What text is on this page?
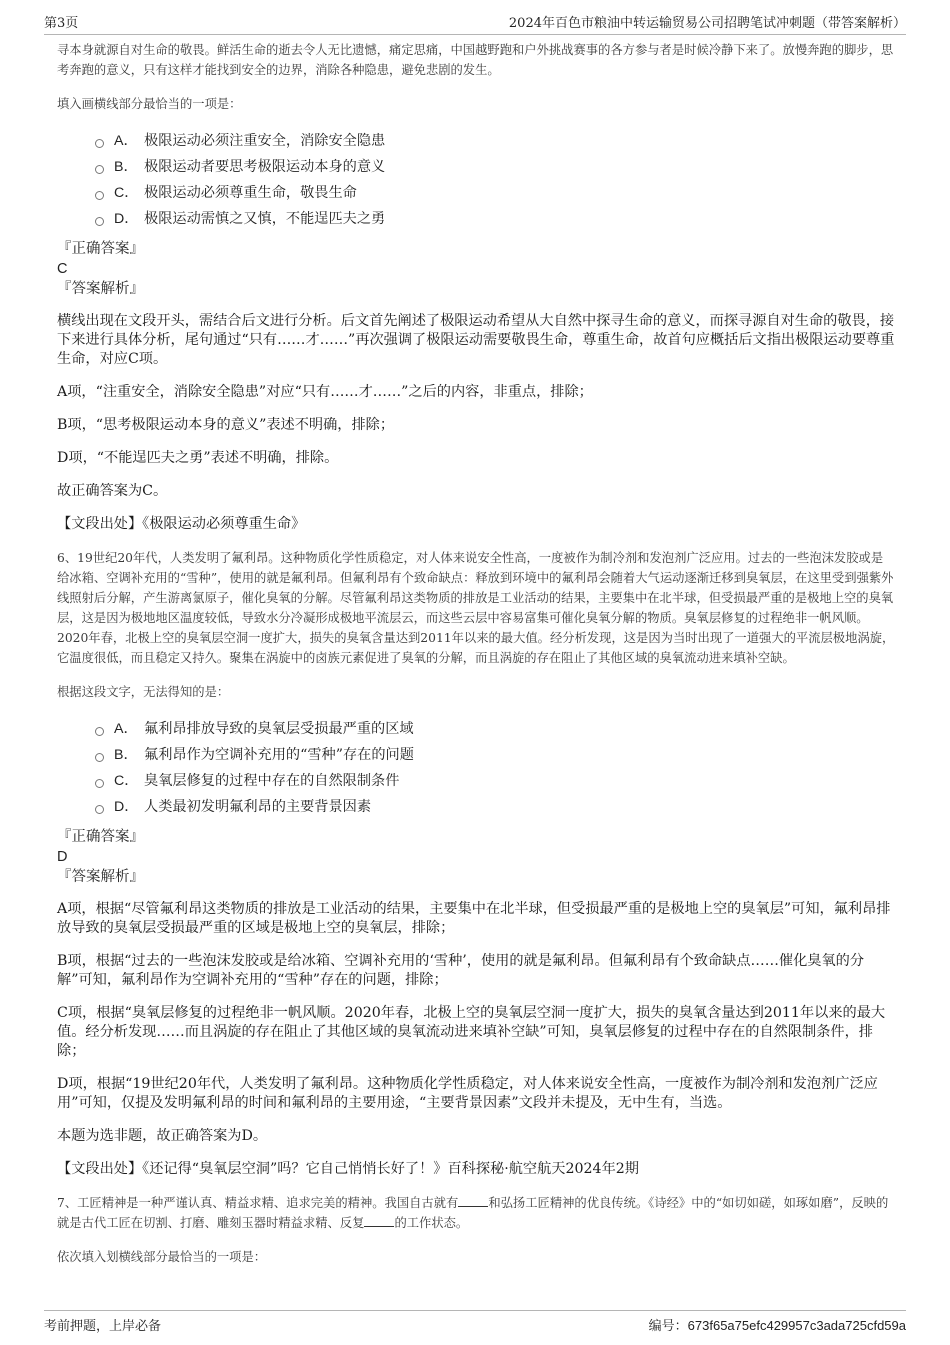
第3页	2024年百色市粮油中转运输贸易公司招聘笔试冲刺题（带答案解析）

寻本身就源自对生命的敬畏。鲜活生命的逝去令人无比遗憾，痛定思痛，中国越野跑和户外挑战赛事的各方参与者是时候冷静下来了。放慢奔跑的脚步，思考奔跑的意义，只有这样才能找到安全的边界，消除各种隐患，避免悲剧的发生。

填入画横线部分最恰当的一项是：

A． 极限运动必须注重安全，消除安全隐患
B． 极限运动者要思考极限运动本身的意义
C． 极限运动必须尊重生命，敬畏生命
D． 极限运动需慎之又慎，不能逞匹夫之勇

『正确答案』

C

『答案解析』

横线出现在文段开头，需结合后文进行分析。后文首先阐述了极限运动希望从大自然中探寻生命的意义，而探寻源自对生命的敬畏，接下来进行具体分析，尾句通过“只有……才……”再次强调了极限运动需要敬畏生命，尊重生命，故首句应概括后文指出极限运动要尊重生命，对应C项。

A项，“注重安全，消除安全隐患”对应“只有……才……”之后的内容，非重点，排除；

B项，“思考极限运动本身的意义”表述不明确，排除；

D项，“不能逞匹夫之勇”表述不明确，排除。

故正确答案为C。

【文段出处】《极限运动必须尊重生命》

6、19世纪20年代，人类发明了氟利昂。这种物质化学性质稳定，对人体来说安全性高，一度被作为制冷剂和发泡剂广泛应用。过去的一些泡沫发胶或是给冰箱、空调补充用的“雪种”，使用的就是氟利昂。但氟利昂有个致命缺点：释放到环境中的氟利昂会随着大气运动逐渐迁移到臭氧层，在这里受到强紫外线照射后分解，产生游离氯原子，催化臭氧的分解。尽管氟利昂这类物质的排放是工业活动的结果，主要集中在北半球，但受损最严重的是极地上空的臭氧层，这是因为极地地区温度较低，导致水分冷凝形成极地平流层云，而这些云层中容易富集可催化臭氧分解的物质。臭氧层修复的过程绝非一帆风顺。2020年春，北极上空的臭氧层空洞一度扩大，损失的臭氧含量达到2011年以来的最大值。经分析发现，这是因为当时出现了一道强大的平流层极地涡旋，它温度很低，而且稳定又持久。聚集在涡旋中的卤族元素促进了臭氧的分解，而且涡旋的存在阻止了其他区域的臭氧流动进来填补空缺。

根据这段文字，无法得知的是：

A． 氟利昂排放导致的臭氧层受损最严重的区域
B． 氟利昂作为空调补充用的“雪种”存在的问题
C． 臭氧层修复的过程中存在的自然限制条件
D． 人类最初发明氟利昂的主要背景因素

『正确答案』

D

『答案解析』

A项，根据“尽管氟利昂这类物质的排放是工业活动的结果，主要集中在北半球，但受损最严重的是极地上空的臭氧层”可知，氟利昂排放导致的臭氧层受损最严重的区域是极地上空的臭氧层，排除；

B项，根据“过去的一些泡沫发胶或是给冰箱、空调补充用的‘雪种’，使用的就是氟利昂。但氟利昂有个致命缺点……催化臭氧的分解”可知，氟利昂作为空调补充用的“雪种”存在的问题，排除；

C项，根据“臭氧层修复的过程绝非一帆风顺。2020年春，北极上空的臭氧层空洞一度扩大，损失的臭氧含量达到2011年以来的最大值。经分析发现……而且涡旋的存在阻止了其他区域的臭氧流动进来填补空缺”可知，臭氧层修复的过程中存在的自然限制条件，排除；

D项，根据“19世纪20年代，人类发明了氟利昂。这种物质化学性质稳定，对人体来说安全性高，一度被作为制冷剂和发泡剂广泛应用”可知，仅提及发明氟利昂的时间和氟利昂的主要用途，“主要背景因素”文段并未提及，无中生有，当选。

本题为选非题，故正确答案为D。

【文段出处】《还记得“臭氧层空洞”吗？它自己悄悄长好了！》百科探秘·航空航天2024年2期

7、工匠精神是一种严谨认真、精益求精、追求完美的精神。我国自古就有 和弘扬工匠精神的优良传统。《诗经》中的“如切如磋，如琢如磨”，反映的就是古代工匠在切割、打磨、雕刻玉器时精益求精、反复 的工作状态。

依次填入划横线部分最恰当的一项是：

考前押题，上岸必备	编号：673f65a75efc429957c3ada725cfd59a
